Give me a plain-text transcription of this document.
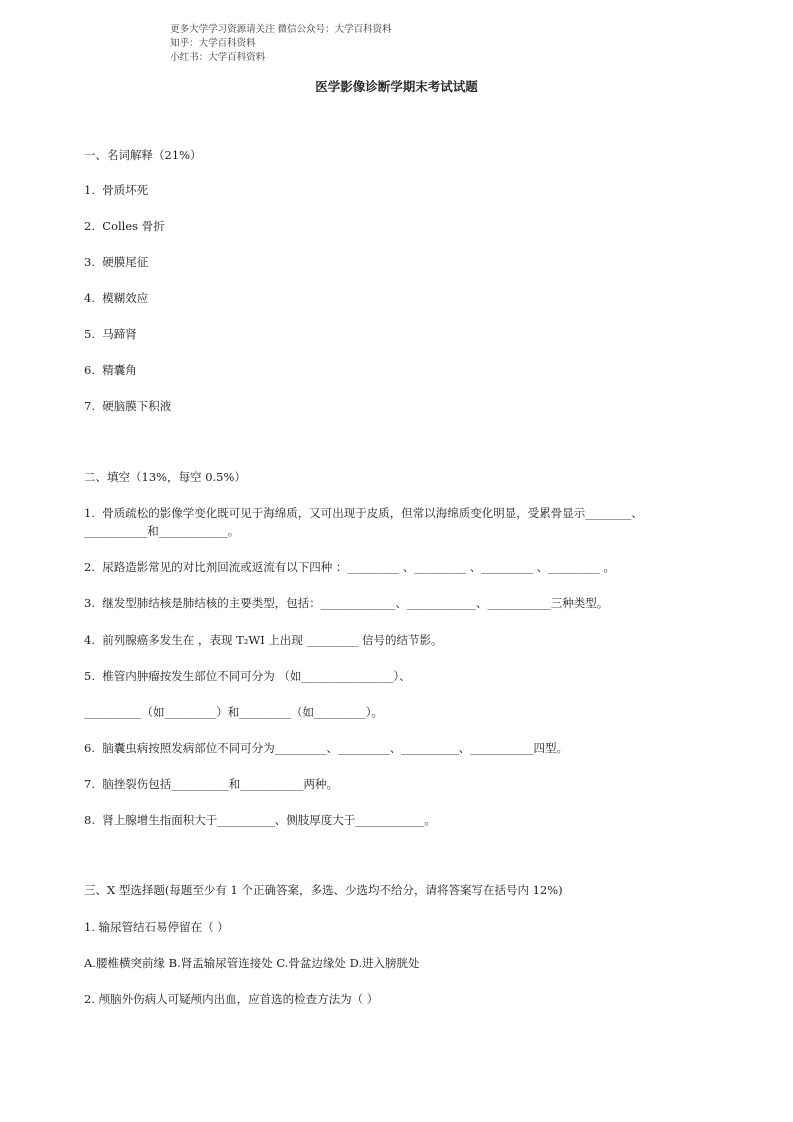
更多大学学习资源请关注 微信公众号：大学百科资料
知乎：大学百科资料
小红书：大学百科资料

医学影像诊断学期末考试试题
一、名词解释（21%）
1.  骨质坏死
2.  Colles 骨折
3.  硬膜尾征
4.  模糊效应
5.  马蹄肾
6.  精囊角
7.  硬脑膜下积液
二、填空（13%，每空 0.5%）
1.  骨质疏松的影像学变化既可见于海绵质，又可出现于皮质，但常以海绵质变化明显，受累骨显示________、
___________和____________。
2.  尿路造影常见的对比剂回流或返流有以下四种 ：_________ 、_________ 、_________ 、_________ 。
3.  继发型肺结核是肺结核的主要类型，包括：_____________、____________、___________三种类型。
4.  前列腺癌多发生在 ，表现 T₂WI 上出现 _________ 信号的结节影。
5.  椎管内肿瘤按发生部位不同可分为 （如________________）、
__________（如_________）和_________（如_________）。
6.  脑囊虫病按照发病部位不同可分为_________、_________、__________、___________四型。
7.  脑挫裂伤包括__________和___________两种。
8.  肾上腺增生指面积大于__________、侧肢厚度大于____________。
三、X 型选择题(每题至少有 1 个正确答案，多选、少选均不给分，请将答案写在括号内 12%)
1. 输尿管结石易停留在（ ）
A.腰椎横突前缘 B.肾盂输尿管连接处 C.骨盆边缘处 D.进入膀胱处
2. 颅脑外伤病人可疑颅内出血，应首选的检查方法为（ ）
